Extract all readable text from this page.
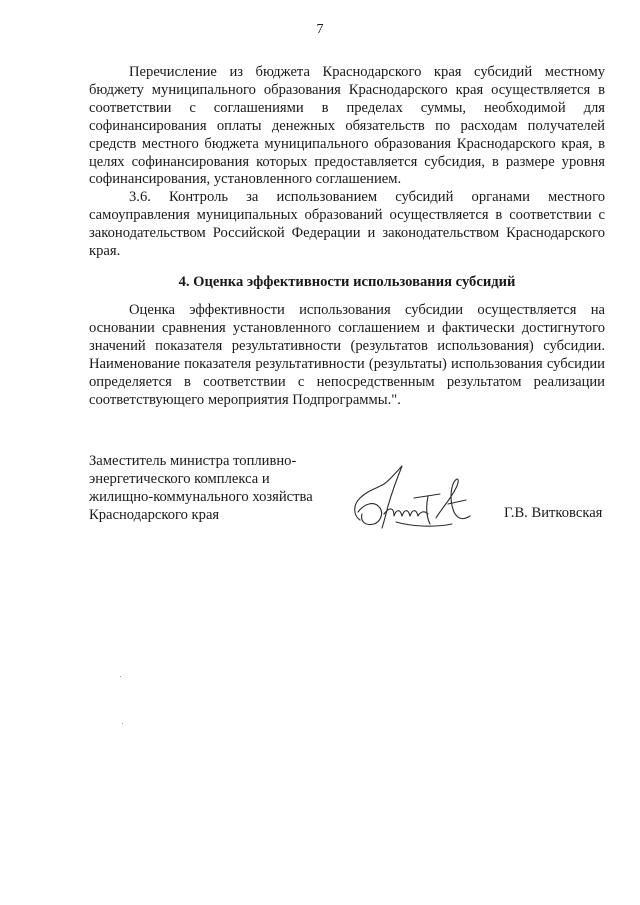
7

Перечисление из бюджета Краснодарского края субсидий местному бюджету муниципального образования Краснодарского края осуществляется в соответствии с соглашениями в пределах суммы, необходимой для софинансирования оплаты денежных обязательств по расходам получателей средств местного бюджета муниципального образования Краснодарского края, в целях софинансирования которых предоставляется субсидия, в размере уровня софинансирования, установленного соглашением.

3.6. Контроль за использованием субсидий органами местного самоуправления муниципальных образований осуществляется в соответствии с законодательством Российской Федерации и законодательством Краснодарского края.

4. Оценка эффективности использования субсидий

Оценка эффективности использования субсидии осуществляется на основании сравнения установленного соглашением и фактически достигнутого значений показателя результативности (результатов использования) субсидии. Наименование показателя результативности (результаты) использования субсидии определяется в соответствии с непосредственным результатом реализации соответствующего мероприятия Подпрограммы.".

Заместитель министра топливно-
энергетического комплекса и
жилищно-коммунального хозяйства
Краснодарского края	Г.В. Витковская
